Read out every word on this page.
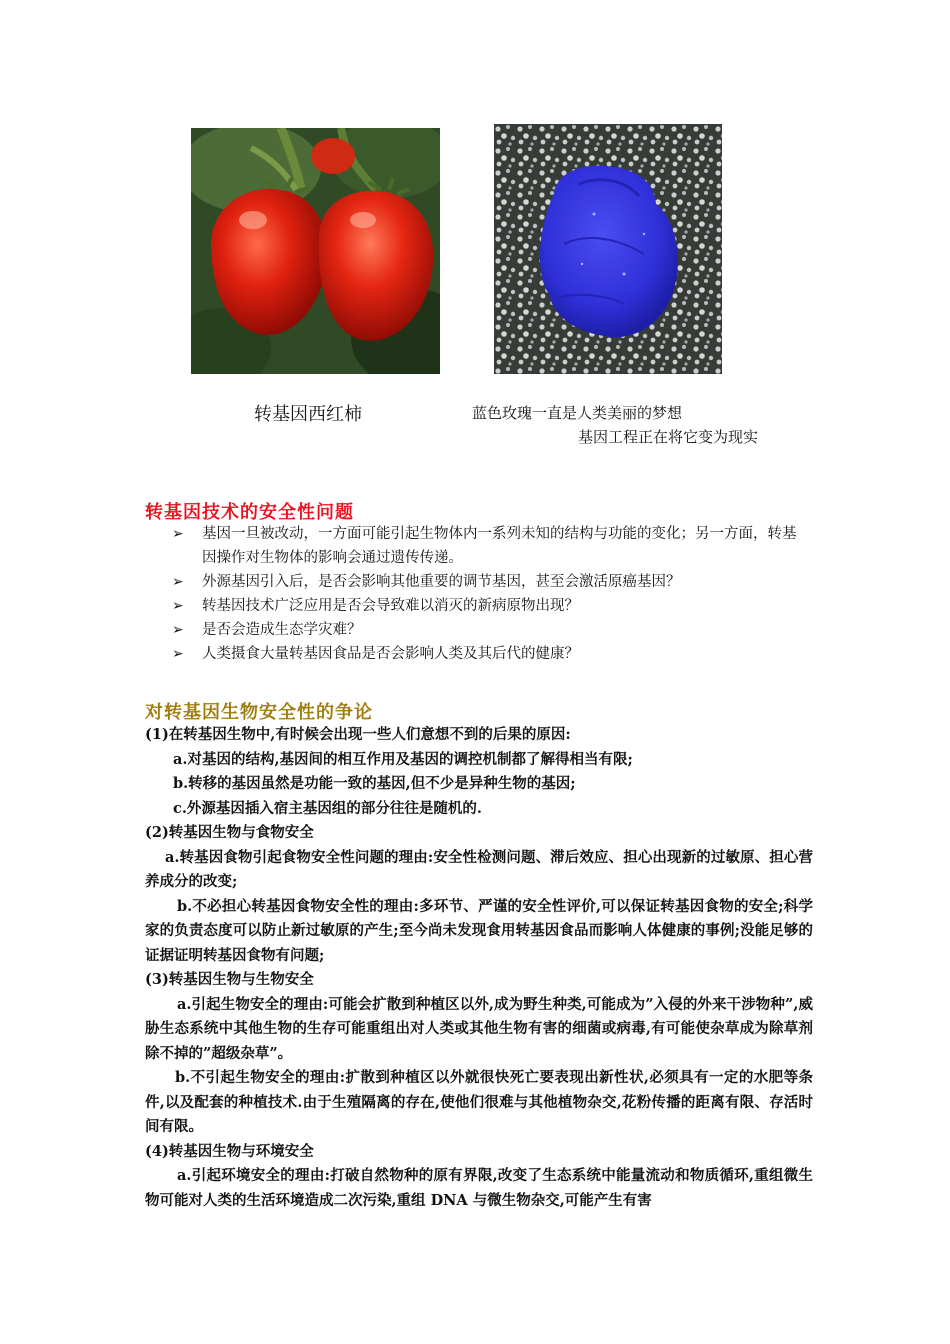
转基因西红柿	蓝色玫瑰一直是人类美丽的梦想
基因工程正在将它变为现实
转基因技术的安全性问题
➢ 基因一旦被改动，一方面可能引起生物体内一系列未知的结构与功能的变化；另一方面，转基因操作对生物体的影响会通过遗传传递。
➢ 外源基因引入后，是否会影响其他重要的调节基因，甚至会激活原癌基因？
➢ 转基因技术广泛应用是否会导致难以消灭的新病原物出现？
➢ 是否会造成生态学灾难？
➢ 人类摄食大量转基因食品是否会影响人类及其后代的健康？
对转基因生物安全性的争论

(1)在转基因生物中,有时候会出现一些人们意想不到的后果的原因:

a.对基因的结构,基因间的相互作用及基因的调控机制都了解得相当有限;

b.转移的基因虽然是功能一致的基因,但不少是异种生物的基因;

c.外源基因插入宿主基因组的部分往往是随机的.

(2)转基因生物与食物安全

a.转基因食物引起食物安全性问题的理由:安全性检测问题、滞后效应、担心出现新的过敏原、担心营养成分的改变;

b.不必担心转基因食物安全性的理由:多环节、严谨的安全性评价,可以保证转基因食物的安全;科学家的负责态度可以防止新过敏原的产生;至今尚未发现食用转基因食品而影响人体健康的事例;没能足够的证据证明转基因食物有问题;

(3)转基因生物与生物安全

a.引起生物安全的理由:可能会扩散到种植区以外,成为野生种类,可能成为”入侵的外来干涉物种”,威胁生态系统中其他生物的生存可能重组出对人类或其他生物有害的细菌或病毒,有可能使杂草成为除草剂除不掉的”超级杂草”。

b.不引起生物安全的理由:扩散到种植区以外就很快死亡要表现出新性状,必须具有一定的水肥等条件,以及配套的种植技术.由于生殖隔离的存在,使他们很难与其他植物杂交,花粉传播的距离有限、存活时间有限。

(4)转基因生物与环境安全

a.引起环境安全的理由:打破自然物种的原有界限,改变了生态系统中能量流动和物质循环,重组微生物可能对人类的生活环境造成二次污染,重组 DNA 与微生物杂交,可能产生有害
